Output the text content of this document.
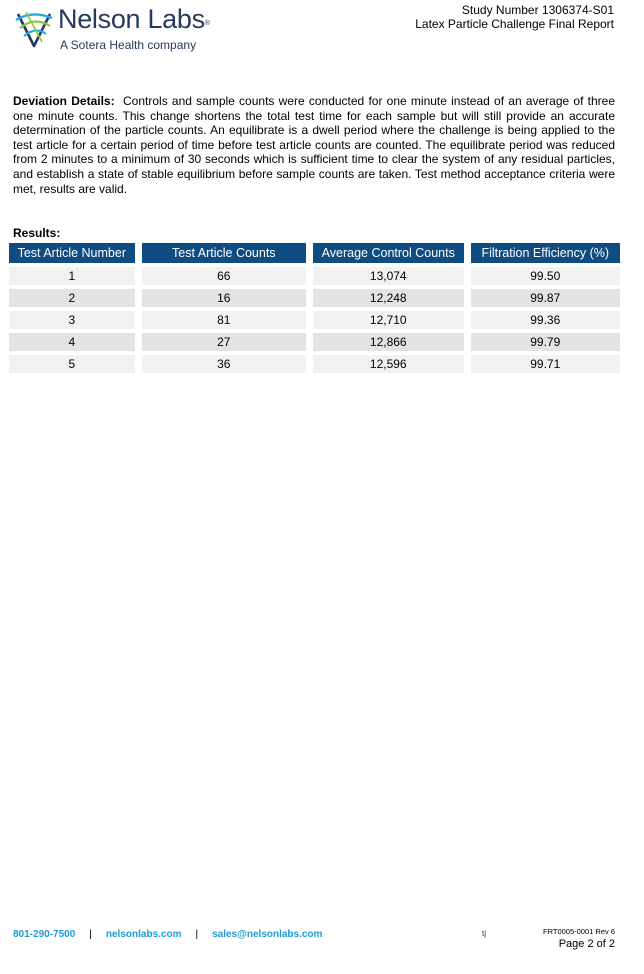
Nelson Labs®
A Sotera Health company
Study Number 1306374-S01
Latex Particle Challenge Final Report
Deviation Details: Controls and sample counts were conducted for one minute instead of an average of three one minute counts. This change shortens the total test time for each sample but will still provide an accurate determination of the particle counts. An equilibrate is a dwell period where the challenge is being applied to the test article for a certain period of time before test article counts are counted. The equilibrate period was reduced from 2 minutes to a minimum of 30 seconds which is sufficient time to clear the system of any residual particles, and establish a state of stable equilibrium before sample counts are taken. Test method acceptance criteria were met, results are valid.
Results:
Test Article Number	Test Article Counts	Average Control Counts	Filtration Efficiency (%)
1	66	13,074	99.50
2	16	12,248	99.87
3	81	12,710	99.36
4	27	12,866	99.79
5	36	12,596	99.71
801-290-7500 | nelsonlabs.com | sales@nelsonlabs.com	tj	FRT0005-0001 Rev 6
Page 2 of 2
